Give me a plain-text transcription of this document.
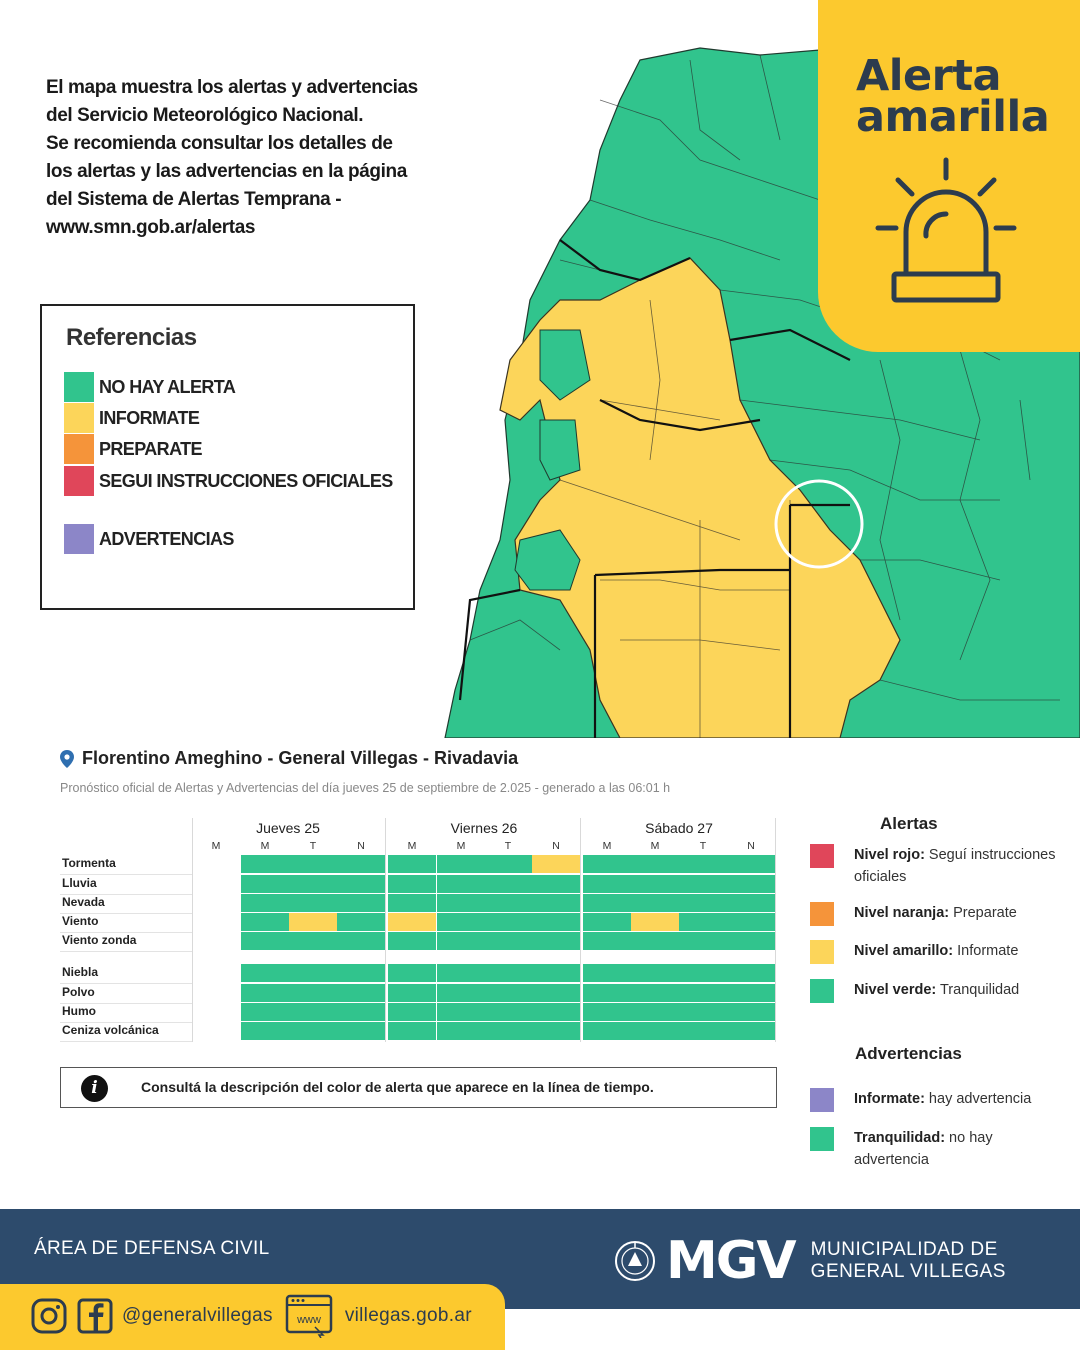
El mapa muestra los alertas y advertencias
del Servicio Meteorológico Nacional.
Se recomienda consultar los detalles de
los alertas y las advertencias en la página
del Sistema de Alertas Temprana -
www.smn.gob.ar/alertas
Referencias
NO HAY ALERTA
INFORMATE
PREPARATE
SEGUI INSTRUCCIONES OFICIALES
ADVERTENCIAS
Alerta
amarilla
Florentino Ameghino - General Villegas - Rivadavia
Pronóstico oficial de Alertas y Advertencias del día jueves 25 de septiembre de 2.025 - generado a las 06:01 h
Jueves 25	Viernes 26	Sábado 27
M	M	T	N	M	M	T	N	M	M	T	N
Tormenta
Lluvia
Nevada
Viento
Viento zonda
Niebla
Polvo
Humo
Ceniza volcánica
i	Consultá la descripción del color de alerta que aparece en la línea de tiempo.
Alertas
Nivel rojo: Seguí instrucciones oficiales
Nivel naranja: Preparate
Nivel amarillo: Informate
Nivel verde: Tranquilidad
Advertencias
Informate: hay advertencia
Tranquilidad: no hay advertencia
ÁREA DE DEFENSA CIVIL	MGV MUNICIPALIDAD DE
GENERAL VILLEGAS
@generalvillegas www villegas.gob.ar
